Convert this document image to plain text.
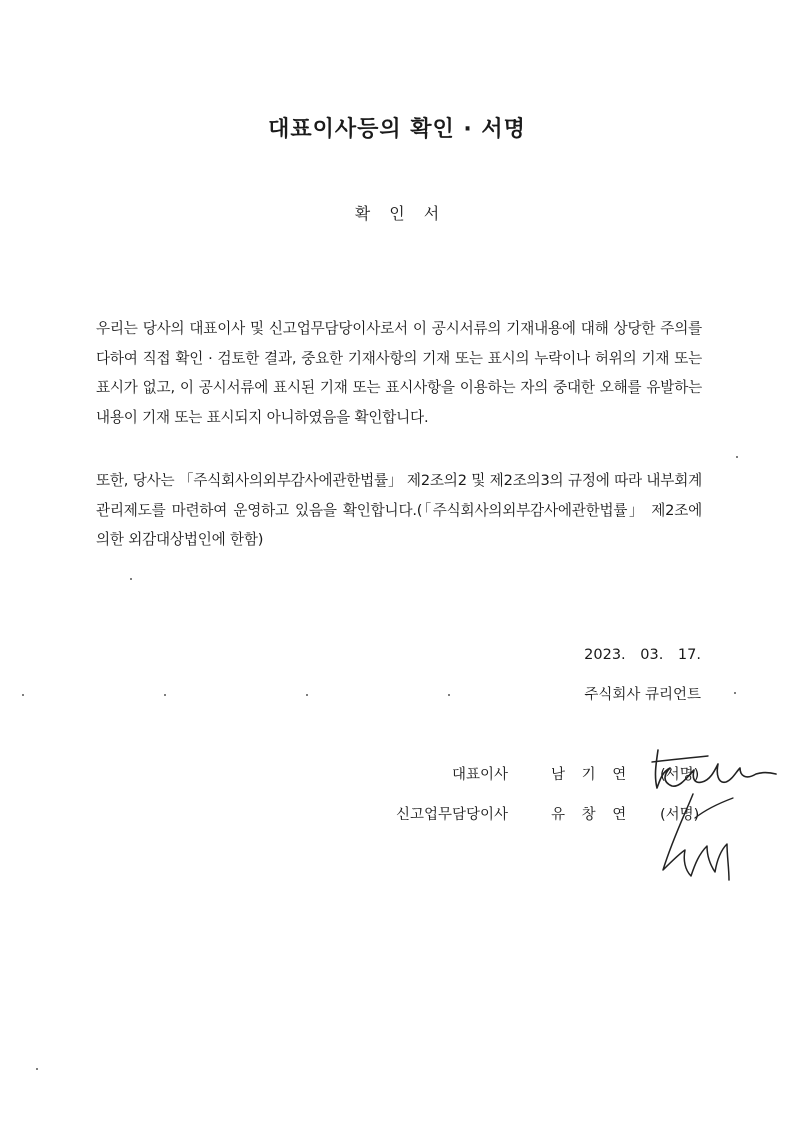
대표이사등의 확인 · 서명
확 인 서

우리는 당사의 대표이사 및 신고업무담당이사로서 이 공시서류의 기재내용에 대해 상당한 주의를 다하여 직접 확인 · 검토한 결과, 중요한 기재사항의 기재 또는 표시의 누락이나 허위의 기재 또는 표시가 없고, 이 공시서류에 표시된 기재 또는 표시사항을 이용하는 자의 중대한 오해를 유발하는 내용이 기재 또는 표시되지 아니하였음을 확인합니다.

또한, 당사는 「주식회사의외부감사에관한법률」 제2조의2 및 제2조의3의 규정에 따라 내부회계관리제도를 마련하여 운영하고 있음을 확인합니다.(「주식회사의외부감사에관한법률」 제2조에 의한 외감대상법인에 한함)

2023. 03. 17.
주식회사 큐리언트
대표이사	남 기 연 (서명)
신고업무담당이사	유 창 연 (서명)
